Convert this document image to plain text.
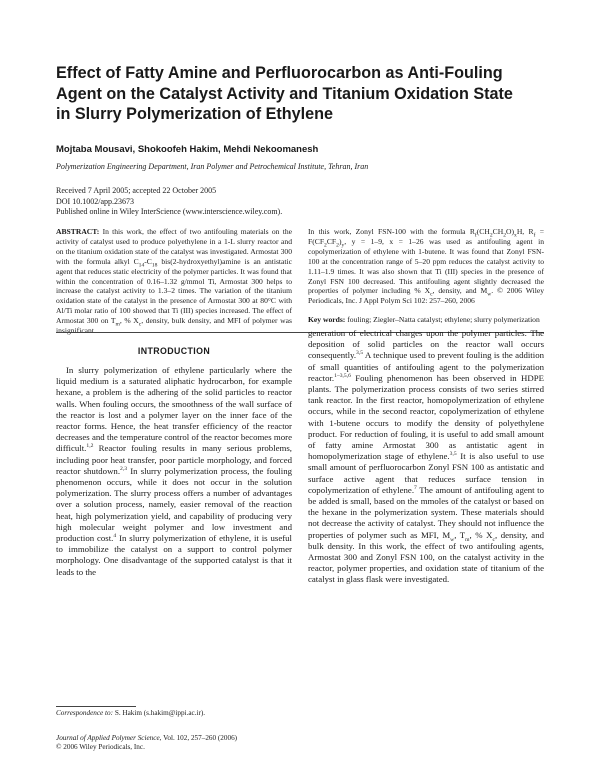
Effect of Fatty Amine and Perfluorocarbon as Anti-Fouling Agent on the Catalyst Activity and Titanium Oxidation State in Slurry Polymerization of Ethylene

Mojtaba Mousavi, Shokoofeh Hakim, Mehdi Nekoomanesh

Polymerization Engineering Department, Iran Polymer and Petrochemical Institute, Tehran, Iran

Received 7 April 2005; accepted 22 October 2005
DOI 10.1002/app.23673
Published online in Wiley InterScience (www.interscience.wiley.com).
ABSTRACT: In this work, the effect of two antifouling materials on the activity of catalyst used to produce polyethylene in a 1-L slurry reactor and on the titanium oxidation state of the catalyst was investigated. Armostat 300 with the formula alkyl $C_{14}-C_{18}$ bis(2-hydroxyethyl)amine is an antistatic agent that reduces static electricity of the polymer particles. It was found that within the concentration of 0.16–1.32 g/mmol Ti, Armostat 300 helps to increase the catalyst activity to 1.3–2 times. The variation of the titanium oxidation state of the catalyst in the presence of Armostat 300 at 80°C with Al/Ti molar ratio of 100 showed that Ti (III) species increased. The effect of Armostat 300 on $T_m$, % $X_c$, density, bulk density, and MFI of polymer was insignificant.
In this work, Zonyl FSN-100 with the formula $R_f(CH_2CH_2O)_xH$, $R_f = F(CF_2CF_2)_y$, y = 1–9, x = 1–26 was used as antifouling agent in copolymerization of ethylene with 1-butene. It was found that Zonyl FSN-100 at the concentration range of 5–20 ppm reduces the catalyst activity to 1.11–1.9 times. It was also shown that Ti (III) species in the presence of Zonyl FSN 100 decreased. This antifouling agent slightly decreased the properties of polymer including % $X_c$, density, and $M_w$. © 2006 Wiley Periodicals, Inc. J Appl Polym Sci 102: 257–260, 2006
Key words: fouling; Ziegler–Natta catalyst; ethylene; slurry polymerization
INTRODUCTION

In slurry polymerization of ethylene particularly where the liquid medium is a saturated aliphatic hydrocarbon, for example hexane, a problem is the adhering of the solid particles to reactor walls. When fouling occurs, the smoothness of the wall surface of the reactor is lost and a polymer layer on the inner face of the reactor forms. Hence, the heat transfer efficiency of the reactor decreases and the temperature control of the reactor becomes more difficult.$^{1,2}$ Reactor fouling results in many serious problems, including poor heat transfer, poor particle morphology, and forced reactor shutdown.$^{2,3}$ In slurry polymerization process, the fouling phenomenon occurs, while it does not occur in the solution polymerization. The slurry process offers a number of advantages over a solution process, namely, easier removal of the reaction heat, high polymerization yield, and capability of producing very high molecular weight polymer and low investment and production cost.$^4$ In slurry polymerization of ethylene, it is useful to immobilize the catalyst on a support to control polymer morphology. One disadvantage of the supported catalyst is that it leads to the

generation of electrical charges upon the polymer particles. The deposition of solid particles on the reactor wall occurs consequently.$^{3,5}$ A technique used to prevent fouling is the addition of small quantities of antifouling agent to the polymerization reactor.$^{1-3,5,6}$ Fouling phenomenon has been observed in HDPE plants. The polymerization process consists of two series stirred tank reactor. In the first reactor, homopolymerization of ethylene occurs, while in the second reactor, copolymerization of ethylene with 1-butene occurs to modify the density of polyethylene product. For reduction of fouling, it is useful to add small amount of fatty amine Armostat 300 as antistatic agent in homopolymerization stage of ethylene.$^{3,5}$ It is also useful to use small amount of perfluorocarbon Zonyl FSN 100 as antistatic and surface active agent that reduces surface tension in copolymerization of ethylene.$^7$ The amount of antifouling agent to be added is small, based on the mmoles of the catalyst or based on the hexane in the polymerization system. These materials should not decrease the activity of catalyst. They should not influence the properties of polymer such as MFI, $M_w$, $T_m$, % $X_c$, density, and bulk density. In this work, the effect of two antifouling agents, Armostat 300 and Zonyl FSN 100, on the catalyst activity in the reactor, polymer properties, and oxidation state of titanium of the catalyst in glass flask were investigated.

Correspondence to: S. Hakim (s.hakim@ippi.ac.ir).
Journal of Applied Polymer Science, Vol. 102, 257–260 (2006)
© 2006 Wiley Periodicals, Inc.
